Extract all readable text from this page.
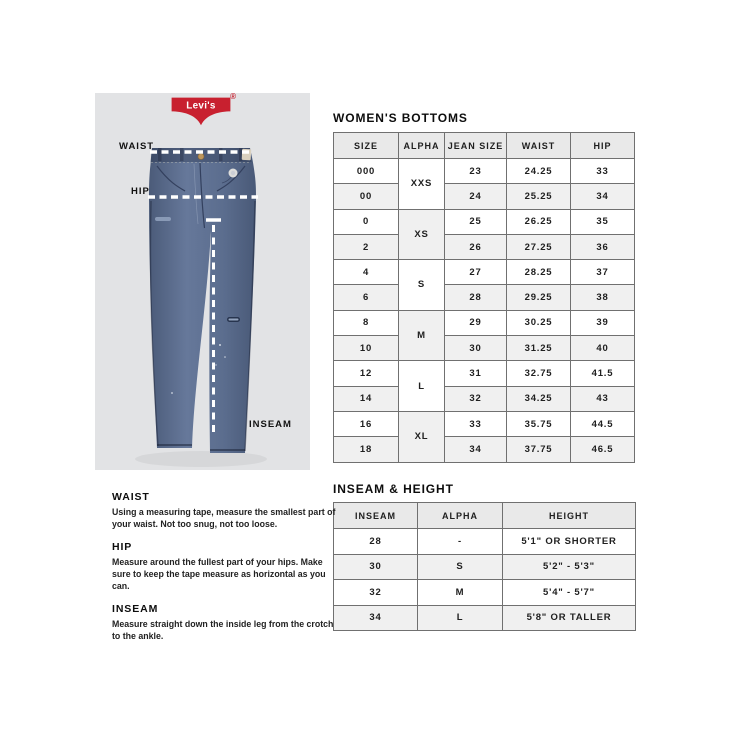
Levi's
®
WAIST
HIP
INSEAM
WOMEN'S BOTTOMS
SIZE	ALPHA	JEAN SIZE	WAIST	HIP
000	XXS	23	24.25	33
00		24	25.25	34
0	XS	25	26.25	35
2		26	27.25	36
4	S	27	28.25	37
6		28	29.25	38
8	M	29	30.25	39
10		30	31.25	40
12	L	31	32.75	41.5
14		32	34.25	43
16	XL	33	35.75	44.5
18		34	37.75	46.5
INSEAM & HEIGHT
INSEAM	ALPHA	HEIGHT
28	-	5'1" OR SHORTER
30	S	5'2" - 5'3"
32	M	5'4" - 5'7"
34	L	5'8" OR TALLER
WAIST

Using a measuring tape, measure the smallest part of your waist. Not too snug, not too loose.

HIP

Measure around the fullest part of your hips. Make sure to keep the tape measure as horizontal as you can.

INSEAM

Measure straight down the inside leg from the crotch to the ankle.
